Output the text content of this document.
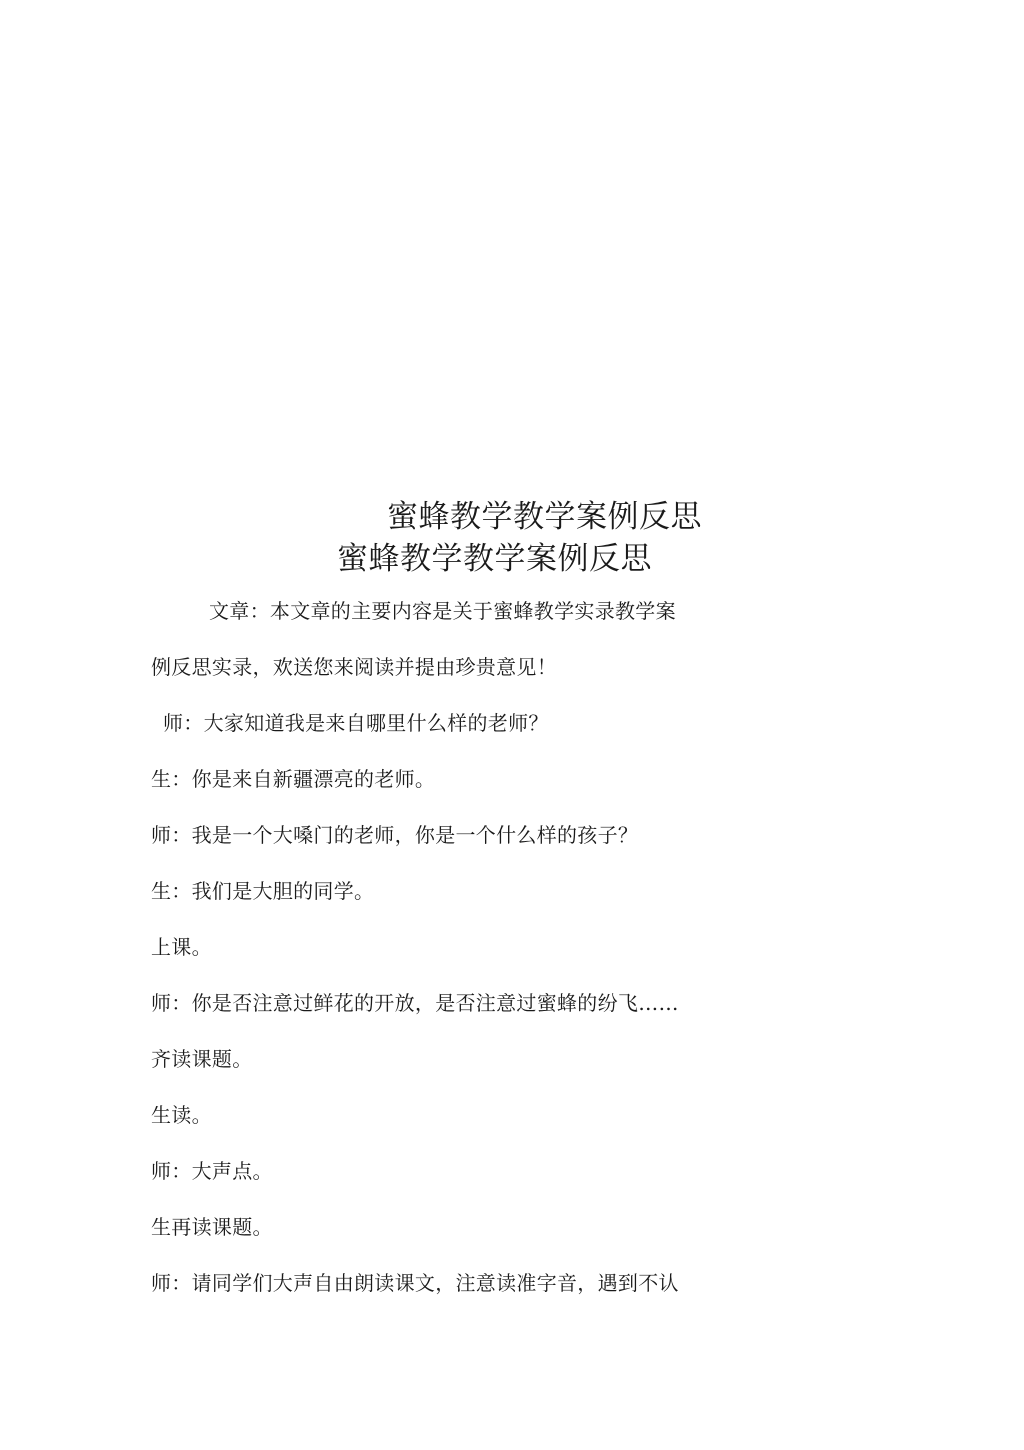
蜜蜂教学教学案例反思
蜜蜂教学教学案例反思
文章：本文章的主要内容是关于蜜蜂教学实录教学案
例反思实录，欢送您来阅读并提由珍贵意见！
师：大家知道我是来自哪里什么样的老师？
生：你是来自新疆漂亮的老师。
师：我是一个大嗓门的老师，你是一个什么样的孩子？
生：我们是大胆的同学。
上课。
师：你是否注意过鲜花的开放，是否注意过蜜蜂的纷飞……
齐读课题。
生读。
师：大声点。
生再读课题。
师：请同学们大声自由朗读课文，注意读准字音，遇到不认
